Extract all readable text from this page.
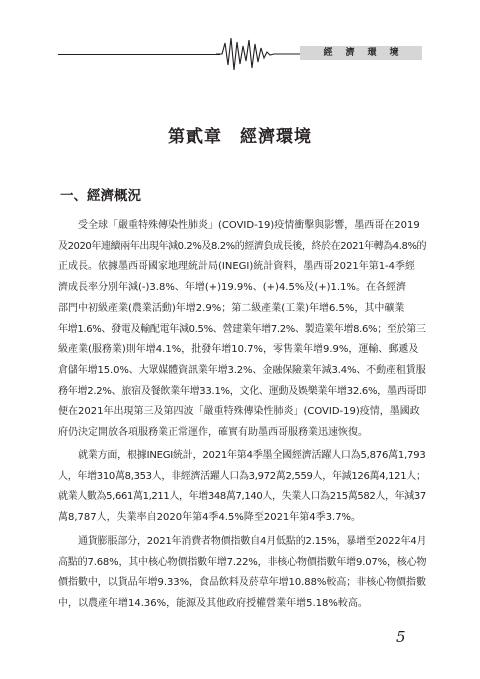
經濟環境
第貳章　經濟環境
一、經濟概況

受全球「嚴重特殊傳染性肺炎」(COVID-19)疫情衝擊與影響，墨西哥在2019
及2020年連續兩年出現年減0.2%及8.2%的經濟負成長後，終於在2021年轉為4.8%的
正成長。依據墨西哥國家地理統計局(INEGI)統計資料，墨西哥2021年第1-4季經
濟成長率分別年減(-)3.8%、年增(+)19.9%、(+)4.5%及(+)1.1%。在各經濟
部門中初級產業(農業活動)年增2.9%；第二級產業(工業)年增6.5%，其中礦業
年增1.6%、發電及輸配電年減0.5%、營建業年增7.2%、製造業年增8.6%；至於第三
級產業(服務業)則年增4.1%，批發年增10.7%，零售業年增9.9%，運輸、郵遞及
倉儲年增15.0%、大眾媒體資訊業年增3.2%、金融保險業年減3.4%、不動產租賃服
務年增2.2%、旅宿及餐飲業年增33.1%，文化、運動及娛樂業年增32.6%，墨西哥即
便在2021年出現第三及第四波「嚴重特殊傳染性肺炎」(COVID-19)疫情，墨國政
府仍決定開放各項服務業正常運作，確實有助墨西哥服務業迅速恢復。

就業方面，根據INEGI統計，2021年第4季墨全國經濟活躍人口為5,876萬1,793
人，年增310萬8,353人，非經濟活躍人口為3,972萬2,559人，年減126萬4,121人；
就業人數為5,661萬1,211人，年增348萬7,140人，失業人口為215萬582人，年減37
萬8,787人，失業率自2020年第4季4.5%降至2021年第4季3.7%。

通貨膨脹部分，2021年消費者物價指數自4月低點的2.15%，暴增至2022年4月
高點的7.68%，其中核心物價指數年增7.22%，非核心物價指數年增9.07%，核心物
價指數中，以貨品年增9.33%，食品飲料及菸草年增10.88%較高；非核心物價指數
中，以農產年增14.36%，能源及其他政府授權營業年增5.18%較高。

5
